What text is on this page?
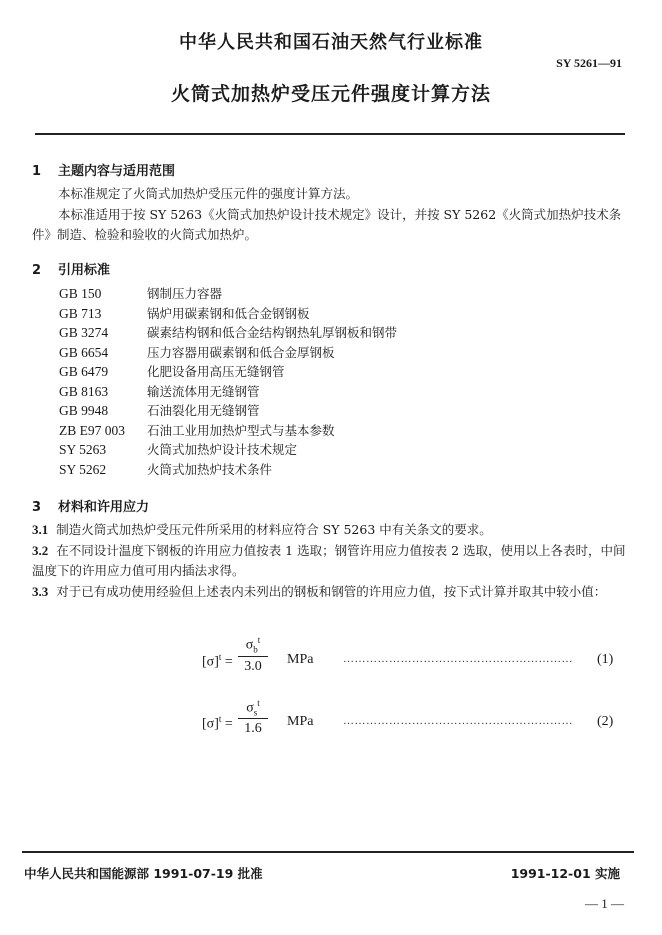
中华人民共和国石油天然气行业标准
SY 5261—91
火筒式加热炉受压元件强度计算方法
1 主题内容与适用范围
本标准规定了火筒式加热炉受压元件的强度计算方法。
本标准适用于按 SY 5263《火筒式加热炉设计技术规定》设计，并按 SY 5262《火筒式加热炉技术条件》制造、检验和验收的火筒式加热炉。
2 引用标准
GB 150	钢制压力容器
GB 713	锅炉用碳素钢和低合金钢钢板
GB 3274	碳素结构钢和低合金结构钢热轧厚钢板和钢带
GB 6654	压力容器用碳素钢和低合金厚钢板
GB 6479	化肥设备用高压无缝钢管
GB 8163	输送流体用无缝钢管
GB 9948	石油裂化用无缝钢管
ZB E97 003 石油工业用加热炉型式与基本参数
SY 5263	火筒式加热炉设计技术规定
SY 5262	火筒式加热炉技术条件
3 材料和许用应力
3.1 制造火筒式加热炉受压元件所采用的材料应符合 SY 5263 中有关条文的要求。
3.2 在不同设计温度下钢板的许用应力值按表 1 选取；钢管许用应力值按表 2 选取，使用以上各表时，中间温度下的许用应力值可用内插法求得。
3.3 对于已有成功使用经验但上述表内未列出的钢板和钢管的许用应力值，按下式计算并取其中较小值：
$[\sigma]^t$ =
$\sigma_b^t$
3.0	MPa	……………………………………………………	(1)
$[\sigma]^t$ =
$\sigma_s^t$
1.6	MPa	……………………………………………………	(2)
中华人民共和国能源部 1991-07-19 批准	1991-12-01 实施
— 1 —
